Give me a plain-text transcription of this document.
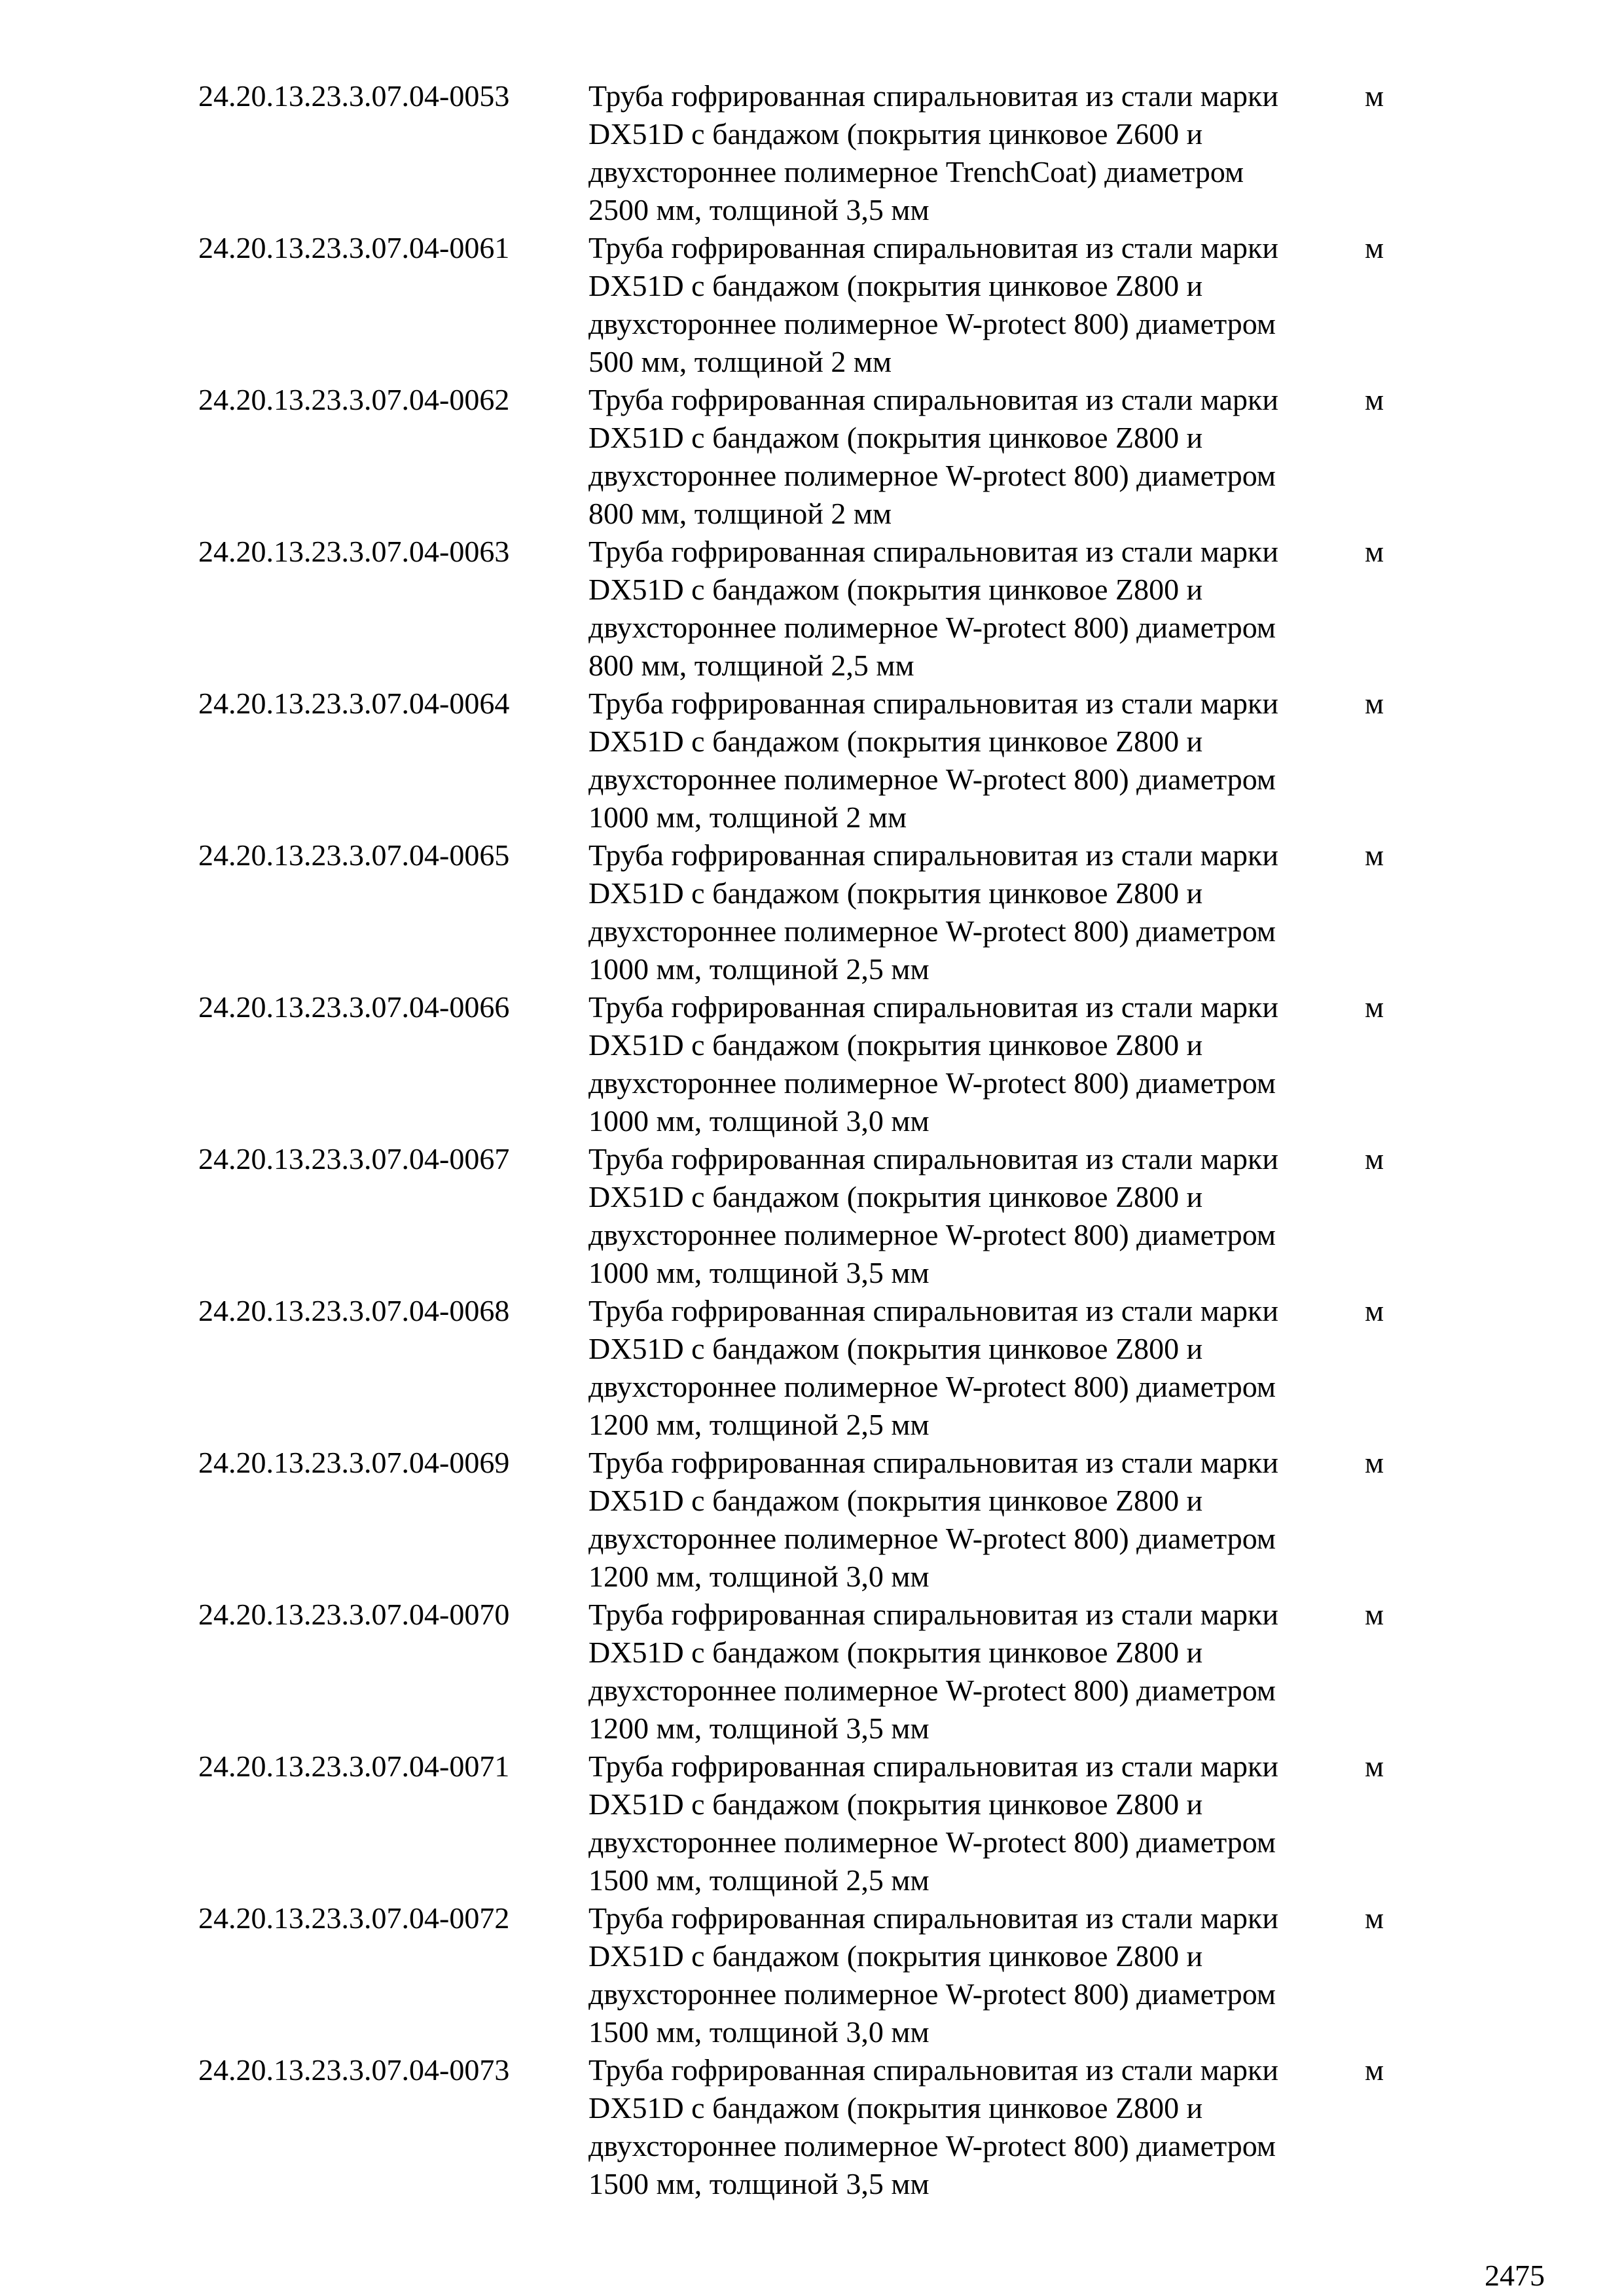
24.20.13.23.3.07.04-0053	Труба гофрированная спиральновитая из стали марки
DX51D с бандажом (покрытия цинковое Z600 и
двухстороннее полимерное TrenchCoat) диаметром
2500 мм, толщиной 3,5 мм
м
24.20.13.23.3.07.04-0061	Труба гофрированная спиральновитая из стали марки
DX51D с бандажом (покрытия цинковое Z800 и
двухстороннее полимерное W-protect 800) диаметром
500 мм, толщиной 2 мм
м
24.20.13.23.3.07.04-0062	Труба гофрированная спиральновитая из стали марки
DX51D с бандажом (покрытия цинковое Z800 и
двухстороннее полимерное W-protect 800) диаметром
800 мм, толщиной 2 мм
м
24.20.13.23.3.07.04-0063	Труба гофрированная спиральновитая из стали марки
DX51D с бандажом (покрытия цинковое Z800 и
двухстороннее полимерное W-protect 800) диаметром
800 мм, толщиной 2,5 мм
м
24.20.13.23.3.07.04-0064	Труба гофрированная спиральновитая из стали марки
DX51D с бандажом (покрытия цинковое Z800 и
двухстороннее полимерное W-protect 800) диаметром
1000 мм, толщиной 2 мм
м
24.20.13.23.3.07.04-0065	Труба гофрированная спиральновитая из стали марки
DX51D с бандажом (покрытия цинковое Z800 и
двухстороннее полимерное W-protect 800) диаметром
1000 мм, толщиной 2,5 мм
м
24.20.13.23.3.07.04-0066	Труба гофрированная спиральновитая из стали марки
DX51D с бандажом (покрытия цинковое Z800 и
двухстороннее полимерное W-protect 800) диаметром
1000 мм, толщиной 3,0 мм
м
24.20.13.23.3.07.04-0067	Труба гофрированная спиральновитая из стали марки
DX51D с бандажом (покрытия цинковое Z800 и
двухстороннее полимерное W-protect 800) диаметром
1000 мм, толщиной 3,5 мм
м
24.20.13.23.3.07.04-0068	Труба гофрированная спиральновитая из стали марки
DX51D с бандажом (покрытия цинковое Z800 и
двухстороннее полимерное W-protect 800) диаметром
1200 мм, толщиной 2,5 мм
м
24.20.13.23.3.07.04-0069	Труба гофрированная спиральновитая из стали марки
DX51D с бандажом (покрытия цинковое Z800 и
двухстороннее полимерное W-protect 800) диаметром
1200 мм, толщиной 3,0 мм
м
24.20.13.23.3.07.04-0070	Труба гофрированная спиральновитая из стали марки
DX51D с бандажом (покрытия цинковое Z800 и
двухстороннее полимерное W-protect 800) диаметром
1200 мм, толщиной 3,5 мм
м
24.20.13.23.3.07.04-0071	Труба гофрированная спиральновитая из стали марки
DX51D с бандажом (покрытия цинковое Z800 и
двухстороннее полимерное W-protect 800) диаметром
1500 мм, толщиной 2,5 мм
м
24.20.13.23.3.07.04-0072	Труба гофрированная спиральновитая из стали марки
DX51D с бандажом (покрытия цинковое Z800 и
двухстороннее полимерное W-protect 800) диаметром
1500 мм, толщиной 3,0 мм
м
24.20.13.23.3.07.04-0073	Труба гофрированная спиральновитая из стали марки
DX51D с бандажом (покрытия цинковое Z800 и
двухстороннее полимерное W-protect 800) диаметром
1500 мм, толщиной 3,5 мм
м
2475
